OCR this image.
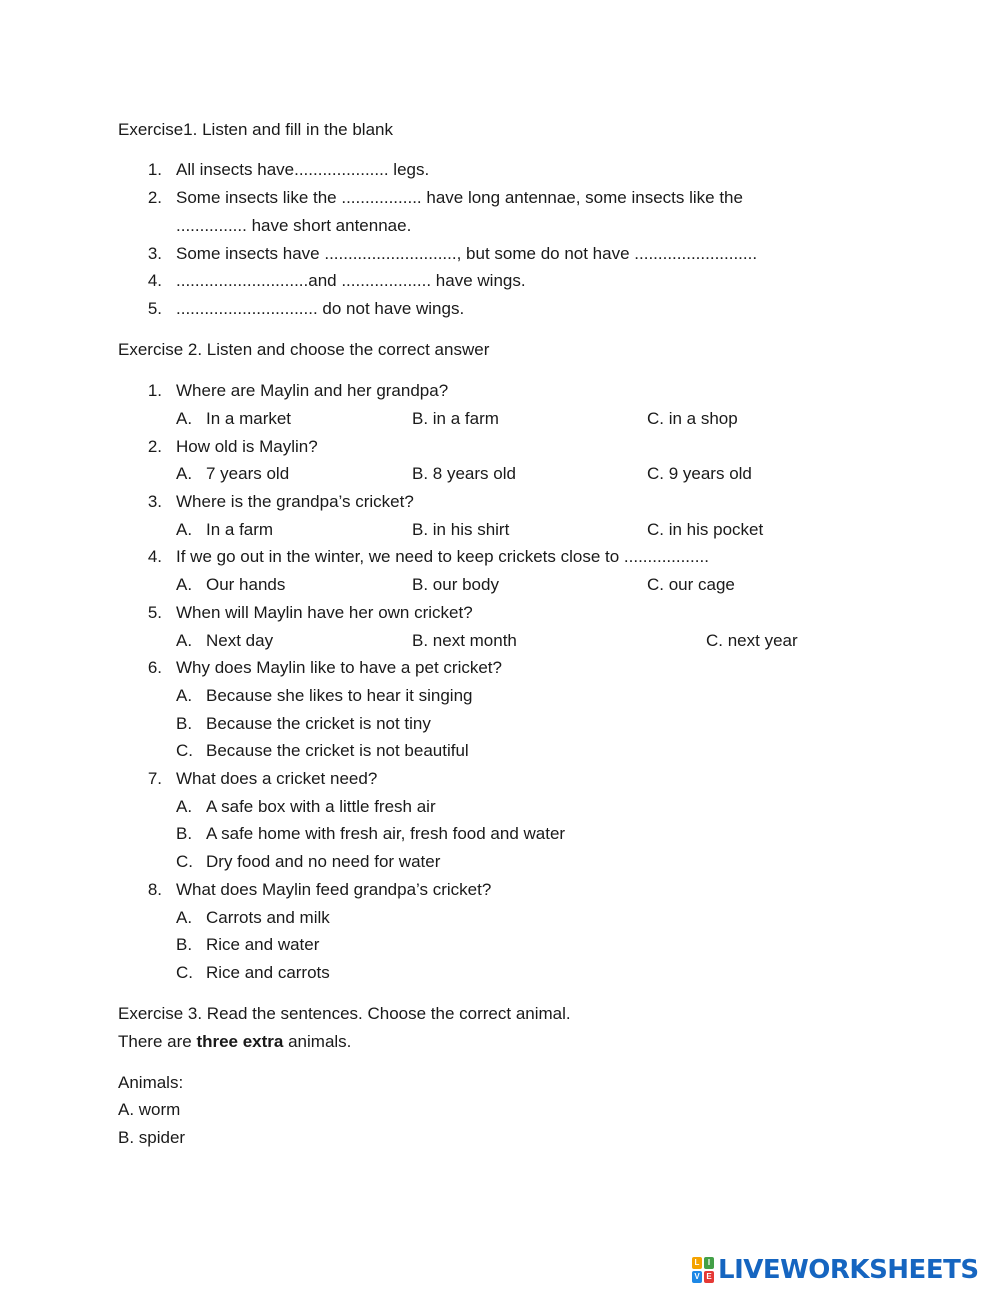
Exercise1. Listen and fill in the blank
1. All insects have.................... legs.
2. Some insects like the ................. have long antennae, some insects like the
............... have short antennae.
3. Some insects have ............................, but some do not have ..........................
4. ............................and ................... have wings.
5. .............................. do not have wings.
Exercise 2. Listen and choose the correct answer
1. Where are Maylin and her grandpa?
A. In a market	B. in a farm	C. in a shop
2. How old is Maylin?
A. 7 years old	B. 8 years old	C. 9 years old
3. Where is the grandpa’s cricket?
A. In a farm	B. in his shirt	C. in his pocket
4. If we go out in the winter, we need to keep crickets close to ..................
A. Our hands	B. our body	C. our cage
5. When will Maylin have her own cricket?
A. Next day	B. next month	C. next year
6. Why does Maylin like to have a pet cricket?
A. Because she likes to hear it singing
B. Because the cricket is not tiny
C. Because the cricket is not beautiful
7. What does a cricket need?
A. A safe box with a little fresh air
B. A safe home with fresh air, fresh food and water
C. Dry food and no need for water
8. What does Maylin feed grandpa’s cricket?
A. Carrots and milk
B. Rice and water
C. Rice and carrots
Exercise 3. Read the sentences. Choose the correct animal.
There are three extra animals.
Animals:
A. worm
B. spider
L	I
V E LIVEWORKSHEETS
